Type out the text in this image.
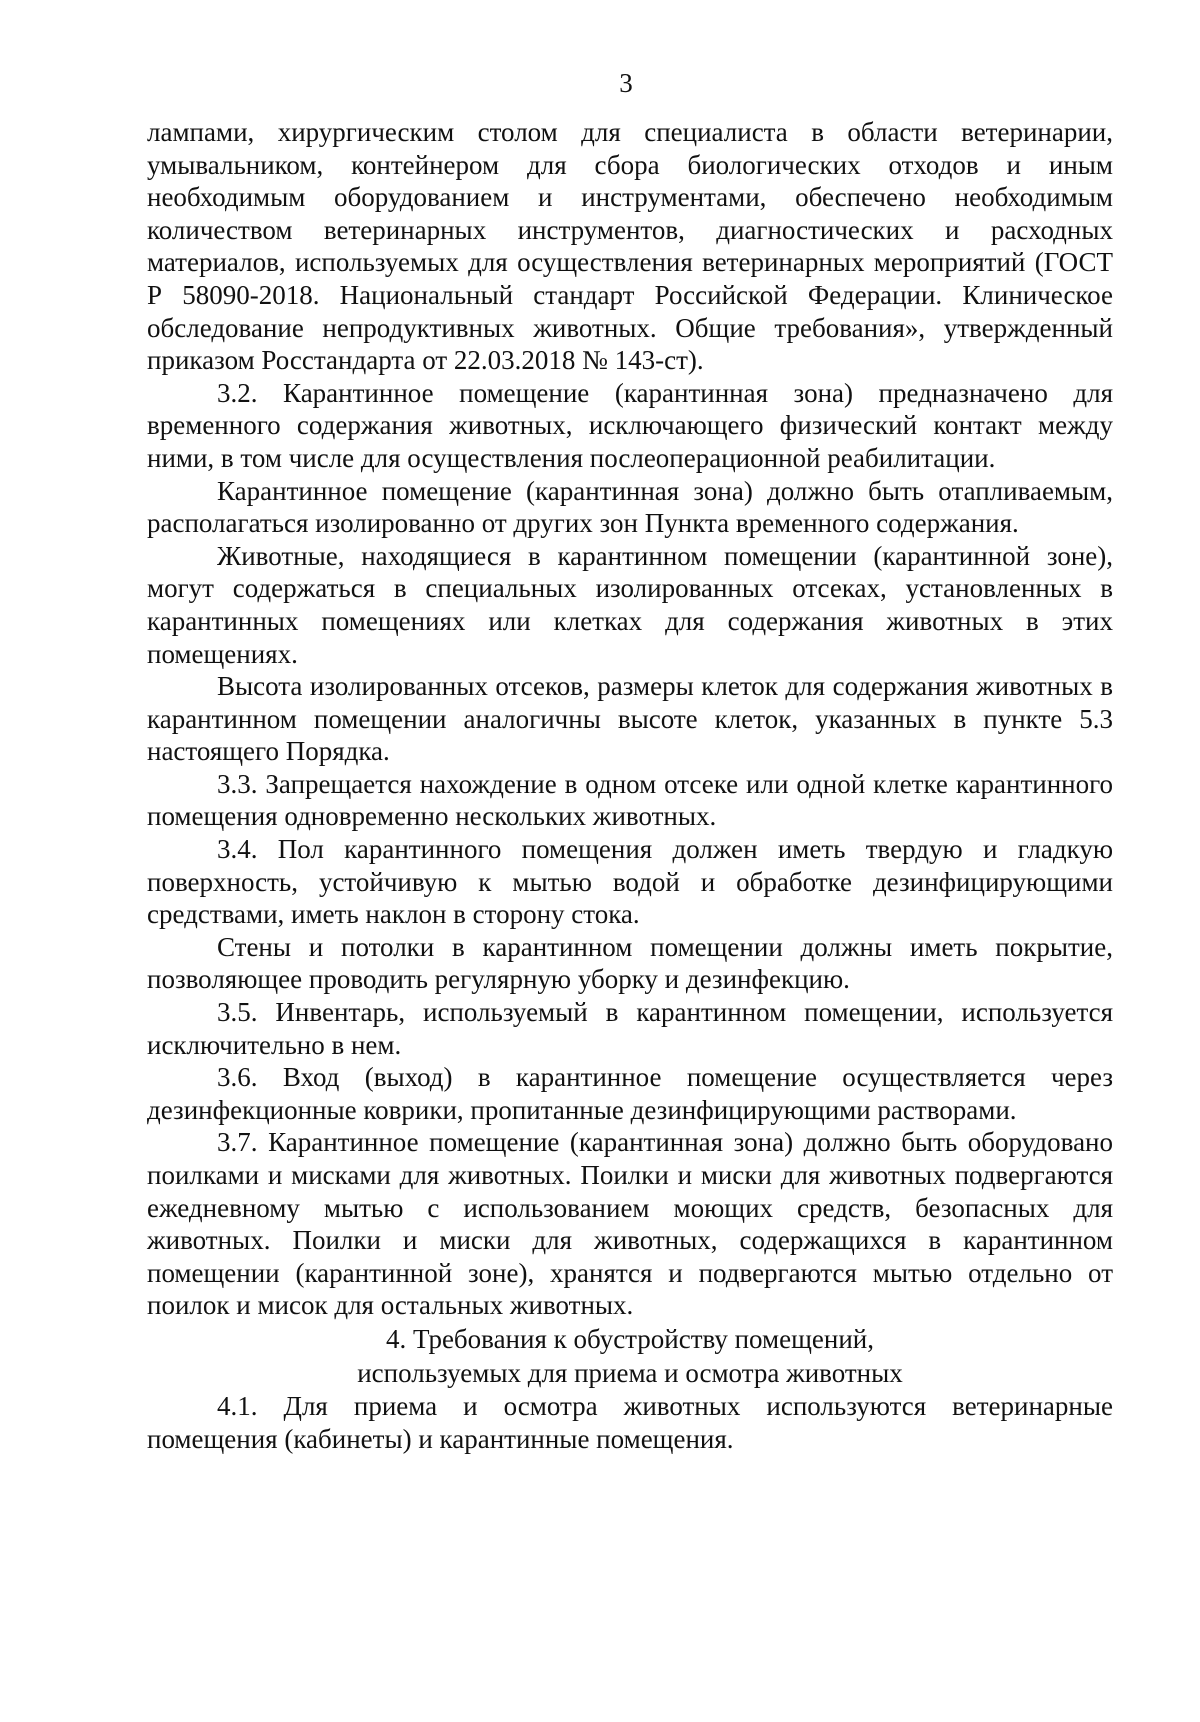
3

лампами, хирургическим столом для специалиста в области ветеринарии, умывальником, контейнером для сбора биологических отходов и иным необходимым оборудованием и инструментами, обеспечено необходимым количеством ветеринарных инструментов, диагностических и расходных материалов, используемых для осуществления ветеринарных мероприятий (ГОСТ Р 58090-2018. Национальный стандарт Российской Федерации. Клиническое обследование непродуктивных животных. Общие требования», утвержденный приказом Росстандарта от 22.03.2018 № 143-ст).

3.2. Карантинное помещение (карантинная зона) предназначено для временного содержания животных, исключающего физический контакт между ними, в том числе для осуществления послеоперационной реабилитации.

Карантинное помещение (карантинная зона) должно быть отапливаемым, располагаться изолированно от других зон Пункта временного содержания.

Животные, находящиеся в карантинном помещении (карантинной зоне), могут содержаться в специальных изолированных отсеках, установленных в карантинных помещениях или клетках для содержания животных в этих помещениях.

Высота изолированных отсеков, размеры клеток для содержания животных в карантинном помещении аналогичны высоте клеток, указанных в пункте 5.3 настоящего Порядка.

3.3. Запрещается нахождение в одном отсеке или одной клетке карантинного помещения одновременно нескольких животных.

3.4. Пол карантинного помещения должен иметь твердую и гладкую поверхность, устойчивую к мытью водой и обработке дезинфицирующими средствами, иметь наклон в сторону стока.

Стены и потолки в карантинном помещении должны иметь покрытие, позволяющее проводить регулярную уборку и дезинфекцию.

3.5. Инвентарь, используемый в карантинном помещении, используется исключительно в нем.

3.6. Вход (выход) в карантинное помещение осуществляется через дезинфекционные коврики, пропитанные дезинфицирующими растворами.

3.7. Карантинное помещение (карантинная зона) должно быть оборудовано поилками и мисками для животных. Поилки и миски для животных подвергаются ежедневному мытью с использованием моющих средств, безопасных для животных. Поилки и миски для животных, содержащихся в карантинном помещении (карантинной зоне), хранятся и подвергаются мытью отдельно от поилок и мисок для остальных животных.

4. Требования к обустройству помещений,
используемых для приема и осмотра животных

4.1. Для приема и осмотра животных используются ветеринарные помещения (кабинеты) и карантинные помещения.
